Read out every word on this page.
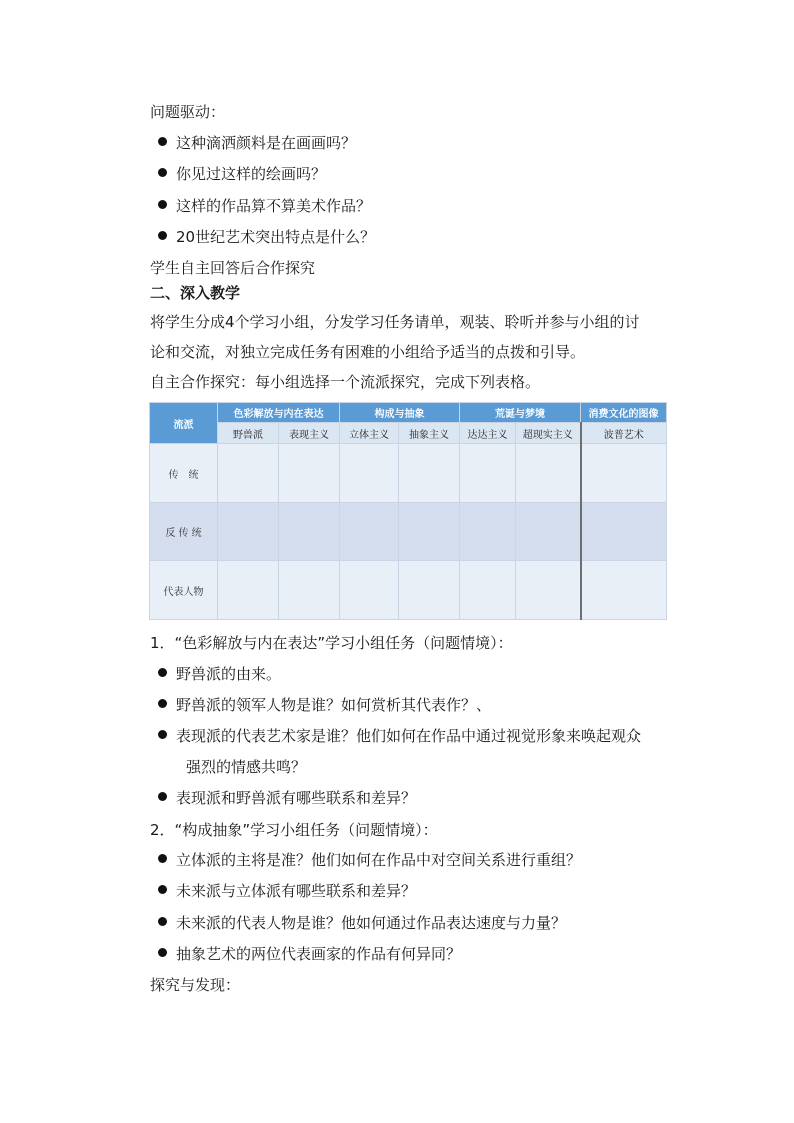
问题驱动：
这种滴洒颜料是在画画吗？
你见过这样的绘画吗？
这样的作品算不算美术作品？
20世纪艺术突出特点是什么？
学生自主回答后合作探究
二、深入教学
将学生分成4个学习小组，分发学习任务请单，观装、聆听并参与小组的讨
论和交流，对独立完成任务有困难的小组给予适当的点拨和引导。
自主合作探究：每小组选择一个流派探究，完成下列表格。
流派	色彩解放与内在表达		构成与抽象		荒诞与梦境		消费文化的图像
	野兽派	表现主义	立体主义	抽象主义	达达主义	超现实主义	波普艺术
传　统							
反 传 统							
代表人物							
1．“色彩解放与内在表达”学习小组任务（问题情境）：
野兽派的由来。
野兽派的领军人物是谁？如何赏析其代表作？、
表现派的代表艺术家是谁？他们如何在作品中通过视觉形象来唤起观众
强烈的情感共鸣？
表现派和野兽派有哪些联系和差异？
2．“构成抽象”学习小组任务（问题情境）：
立体派的主将是准？他们如何在作品中对空间关系进行重组？
未来派与立体派有哪些联系和差异？
未来派的代表人物是谁？他如何通过作品表达速度与力量？
抽象艺术的两位代表画家的作品有何异同？
探究与发现：
